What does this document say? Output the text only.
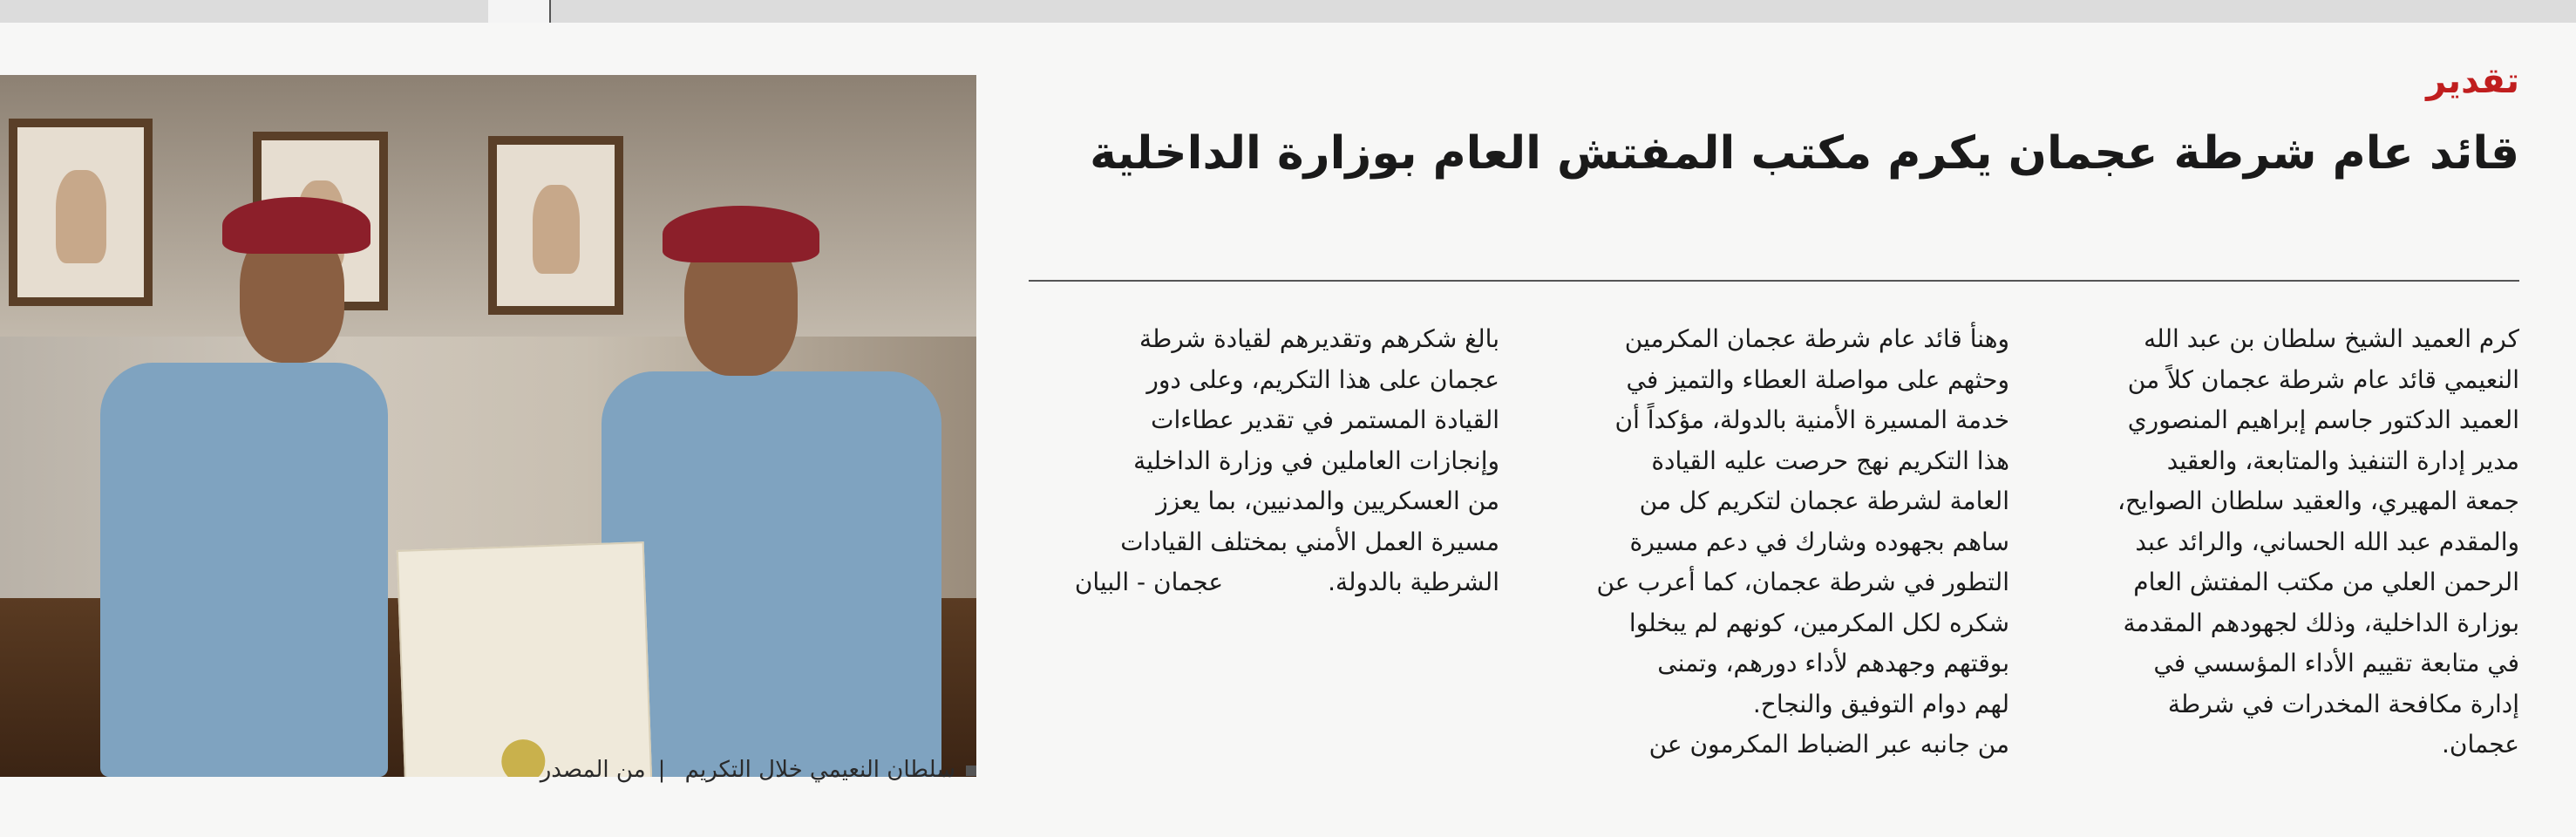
سلطان النعيمي خلال التكريم |من المصدر
تقدير
قائد عام شرطة عجمان يكرم مكتب المفتش العام بوزارة الداخلية
كرم العميد الشيخ سلطان بن عبد الله
النعيمي قائد عام شرطة عجمان كلاً من
العميد الدكتور جاسم إبراهيم المنصوري
مدير إدارة التنفيذ والمتابعة، والعقيد
جمعة المهيري، والعقيد سلطان الصوايح،
والمقدم عبد الله الحساني، والرائد عبد
الرحمن العلي من مكتب المفتش العام
بوزارة الداخلية، وذلك لجهودهم المقدمة
في متابعة تقييم الأداء المؤسسي في
إدارة مكافحة المخدرات في شرطة
عجمان.
وهنأ قائد عام شرطة عجمان المكرمين
وحثهم على مواصلة العطاء والتميز في
خدمة المسيرة الأمنية بالدولة، مؤكداً أن
هذا التكريم نهج حرصت عليه القيادة
العامة لشرطة عجمان لتكريم كل من
ساهم بجهوده وشارك في دعم مسيرة
التطور في شرطة عجمان، كما أعرب عن
شكره لكل المكرمين، كونهم لم يبخلوا
بوقتهم وجهدهم لأداء دورهم، وتمنى
لهم دوام التوفيق والنجاح.
من جانبه عبر الضباط المكرمون عن
بالغ شكرهم وتقديرهم لقيادة شرطة
عجمان على هذا التكريم، وعلى دور
القيادة المستمر في تقدير عطاءات
وإنجازات العاملين في وزارة الداخلية
من العسكريين والمدنيين، بما يعزز
مسيرة العمل الأمني بمختلف القيادات
الشرطية بالدولة.عجمان - البيان
